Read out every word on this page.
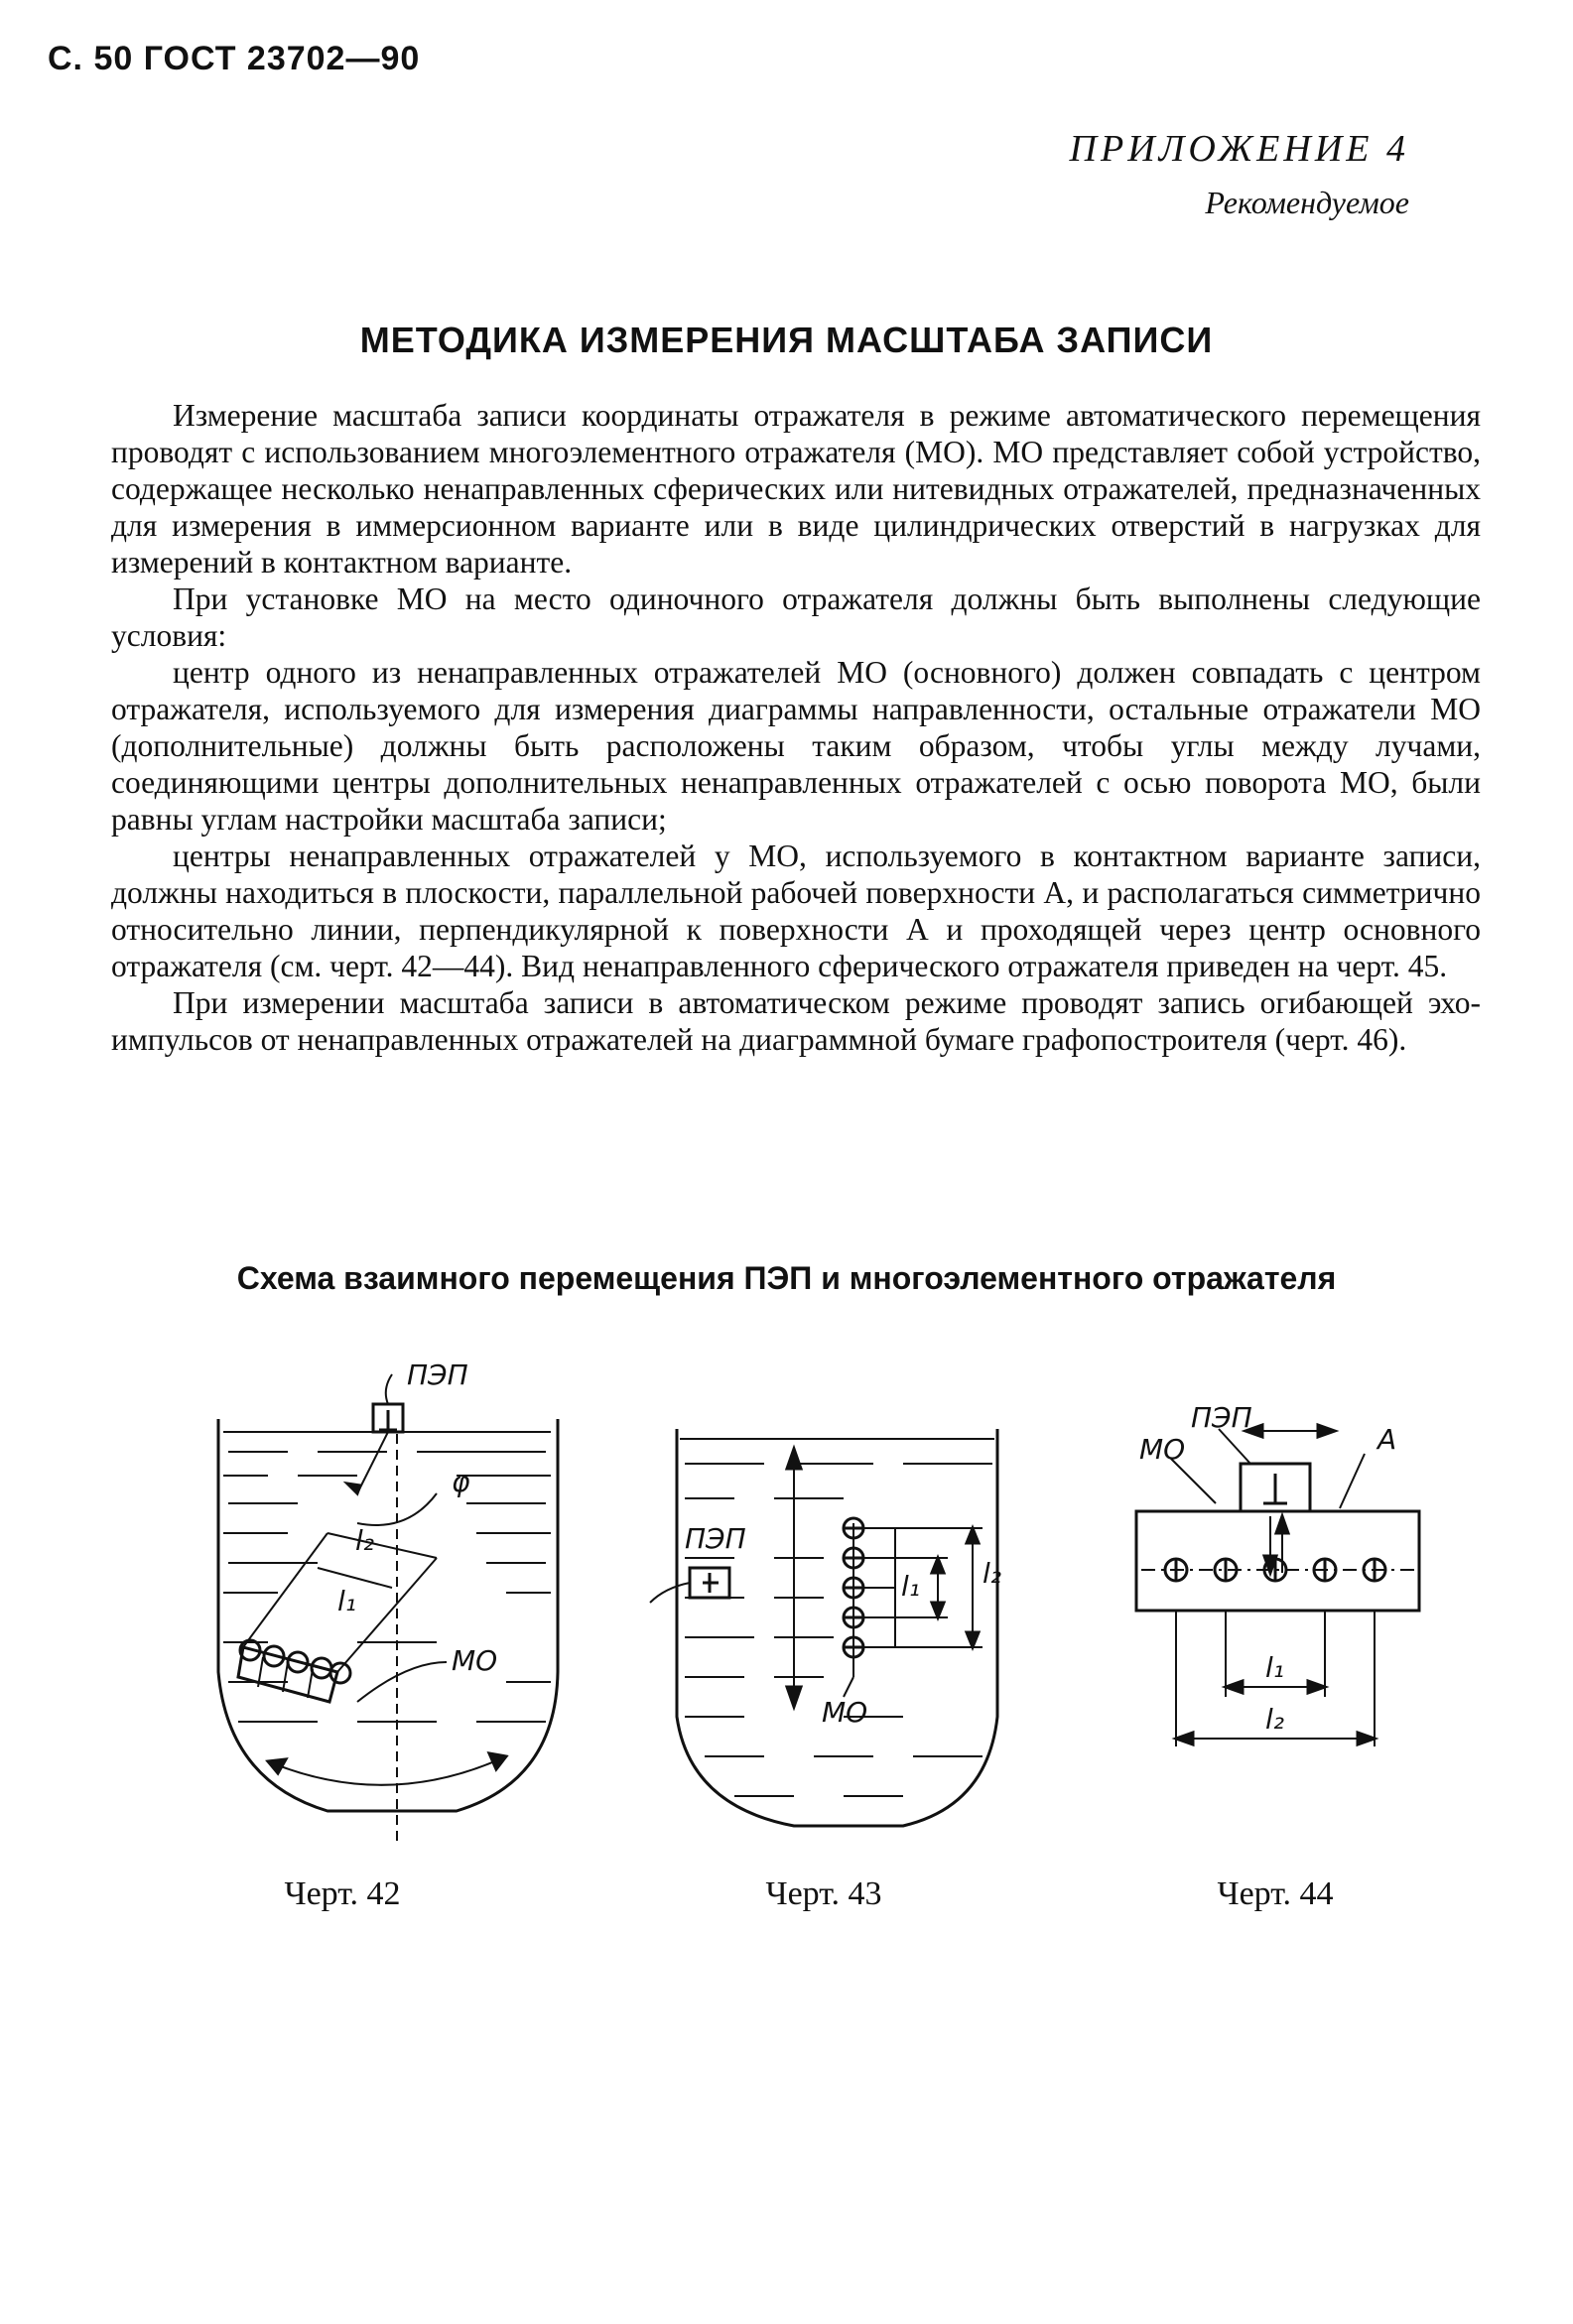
С. 50 ГОСТ 23702—90
ПРИЛОЖЕНИЕ 4
Рекомендуемое
МЕТОДИКА ИЗМЕРЕНИЯ МАСШТАБА ЗАПИСИ

Измерение масштаба записи координаты отражателя в режиме автоматического перемещения проводят с использованием многоэлементного отражателя (МО). МО представляет собой устройство, содержащее несколько ненаправленных сферических или нитевидных отражателей, предназначенных для измерения в иммерсионном варианте или в виде цилиндрических отверстий в нагрузках для измерений в контактном варианте.

При установке МО на место одиночного отражателя должны быть выполнены следующие условия:

центр одного из ненаправленных отражателей МО (основного) должен совпадать с центром отражателя, используемого для измерения диаграммы направленности, остальные отражатели МО (дополнительные) должны быть расположены таким образом, чтобы углы между лучами, соединяющими центры дополнительных ненаправленных отражателей с осью поворота МО, были равны углам настройки масштаба записи;

центры ненаправленных отражателей у МО, используемого в контактном варианте записи, должны находиться в плоскости, параллельной рабочей поверхности А, и располагаться симметрично относительно линии, перпендикулярной к поверхности А и проходящей через центр основного отражателя (см. черт. 42—44). Вид ненаправленного сферического отражателя приведен на черт. 45.

При измерении масштаба записи в автоматическом режиме проводят запись огибающей эхо-импульсов от ненаправленных отражателей на диаграммной бумаге графопостроителя (черт. 46).

Схема взаимного перемещения ПЭП и многоэлементного отражателя
ПЭП
φ
l₂
l₁
МО
ПЭП
l₁ l₂
МО
ПЭП
МО	А
l₁
l₂
Черт. 42	Черт. 43	Черт. 44
